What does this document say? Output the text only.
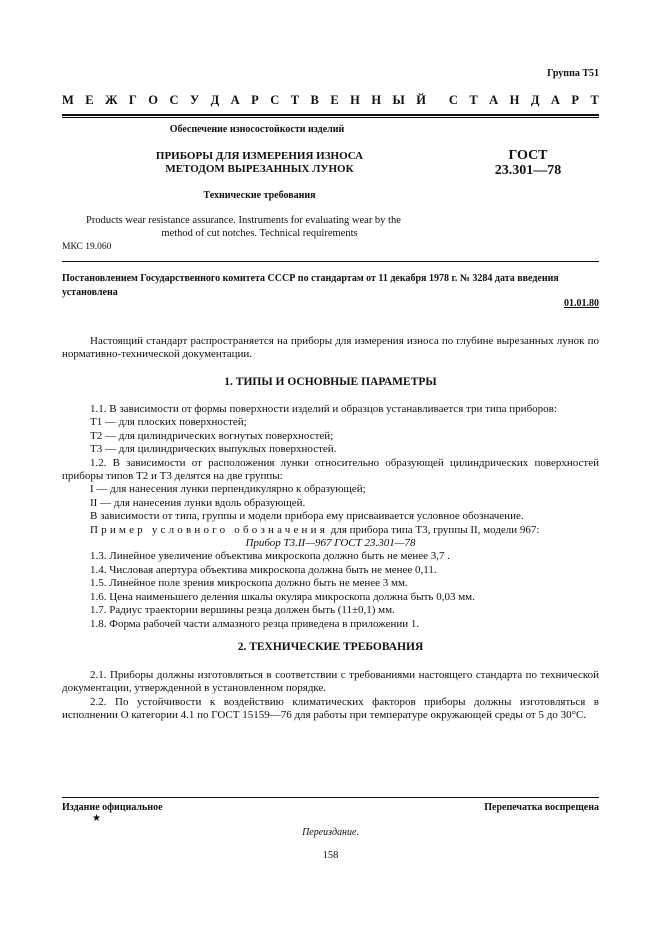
Группа Т51
М Е Ж Г О С У Д А Р С Т В Е Н Н Ы Й С Т А Н Д А Р Т
Обеспечение износостойкости изделий
ПРИБОРЫ ДЛЯ ИЗМЕРЕНИЯ ИЗНОСА
МЕТОДОМ ВЫРЕЗАННЫХ ЛУНОК
ГОСТ
23.301—78
Технические требования
Products wear resistance assurance. Instruments for evaluating wear by the
method of cut notches. Technical requirements
МКС 19.060
Постановлением Государственного комитета СССР по стандартам от 11 декабря 1978 г. № 3284 дата введения установлена
01.01.80
Настоящий стандарт распространяется на приборы для измерения износа по глубине вырезанных лунок по нормативно-технической документации.
1. ТИПЫ И ОСНОВНЫЕ ПАРАМЕТРЫ

1.1. В зависимости от формы поверхности изделий и образцов устанавливается три типа приборов:

Т1 — для плоских поверхностей;

Т2 — для цилиндрических вогнутых поверхностей;

Т3 — для цилиндрических выпуклых поверхностей.

1.2. В зависимости от расположения лунки относительно образующей цилиндрических поверхностей приборы типов Т2 и Т3 делятся на две группы:

I — для нанесения лунки перпендикулярно к образующей;

II — для нанесения лунки вдоль образующей.

В зависимости от типа, группы и модели прибора ему присваивается условное обозначение.

Пример условного обозначения для прибора типа Т3, группы II, модели 967:

Прибор Т3.II—967 ГОСТ 23.301—78

1.3. Линейное увеличение объектива микроскопа должно быть не менее 3,7 .

1.4. Числовая апертура объектива микроскопа должна быть не менее 0,11.

1.5. Линейное поле зрения микроскопа должно быть не менее 3 мм.

1.6. Цена наименьшего деления шкалы окуляра микроскопа должна быть 0,03 мм.

1.7. Радиус траектории вершины резца должен быть (11±0,1) мм.

1.8. Форма рабочей части алмазного резца приведена в приложении 1.

2. ТЕХНИЧЕСКИЕ ТРЕБОВАНИЯ

2.1. Приборы должны изготовляться в соответствии с требованиями настоящего стандарта по технической документации, утвержденной в установленном порядке.

2.2. По устойчивости к воздействию климатических факторов приборы должны изготовляться в исполнении О категории 4.1 по ГОСТ 15159—76 для работы при температуре окружающей среды от 5 до 30°С.

Издание официальное	Перепечатка воспрещена
★
Переиздание.
158
